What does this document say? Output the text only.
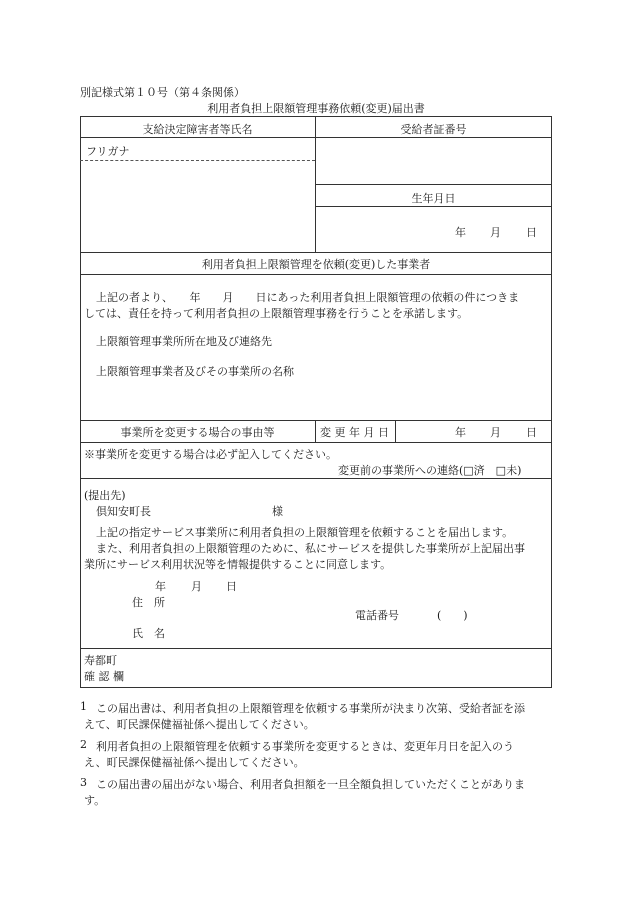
別記様式第１０号（第４条関係）
利用者負担上限額管理事務依頼(変更)届出書
支給決定障害者等氏名	受給者証番号
フリガナ
生年月日
年 月 日
利用者負担上限額管理を依頼(変更)した事業者
上記の者より、　　年　　月　　日にあった利用者負担上限額管理の依頼の件につきま
しては、責任を持って利用者負担の上限額管理事務を行うことを承諾します。
上限額管理事業所所在地及び連絡先
上限額管理事業者及びその事業所の名称
事業所を変更する場合の事由等	変 更 年 月 日	年 月 日
※事業所を変更する場合は必ず記入してください。
変更前の事業所への連絡(□済　□未)
(提出先)
倶知安町長	様
上記の指定サービス事業所に利用者負担の上限額管理を依頼することを届出します。
また、利用者負担の上限額管理のために、私にサービスを提供した事業所が上記届出事
業所にサービス利用状況等を情報提供することに同意します。
年 月 日
住　所
電話番号	(　　)
氏　名
寿都町
確 認 欄
1 この届出書は、利用者負担の上限額管理を依頼する事業所が決まり次第、受給者証を添
えて、町民課保健福祉係へ提出してください。
2 利用者負担の上限額管理を依頼する事業所を変更するときは、変更年月日を記入のう
え、町民課保健福祉係へ提出してください。
3 この届出書の届出がない場合、利用者負担額を一旦全額負担していただくことがありま
す。
